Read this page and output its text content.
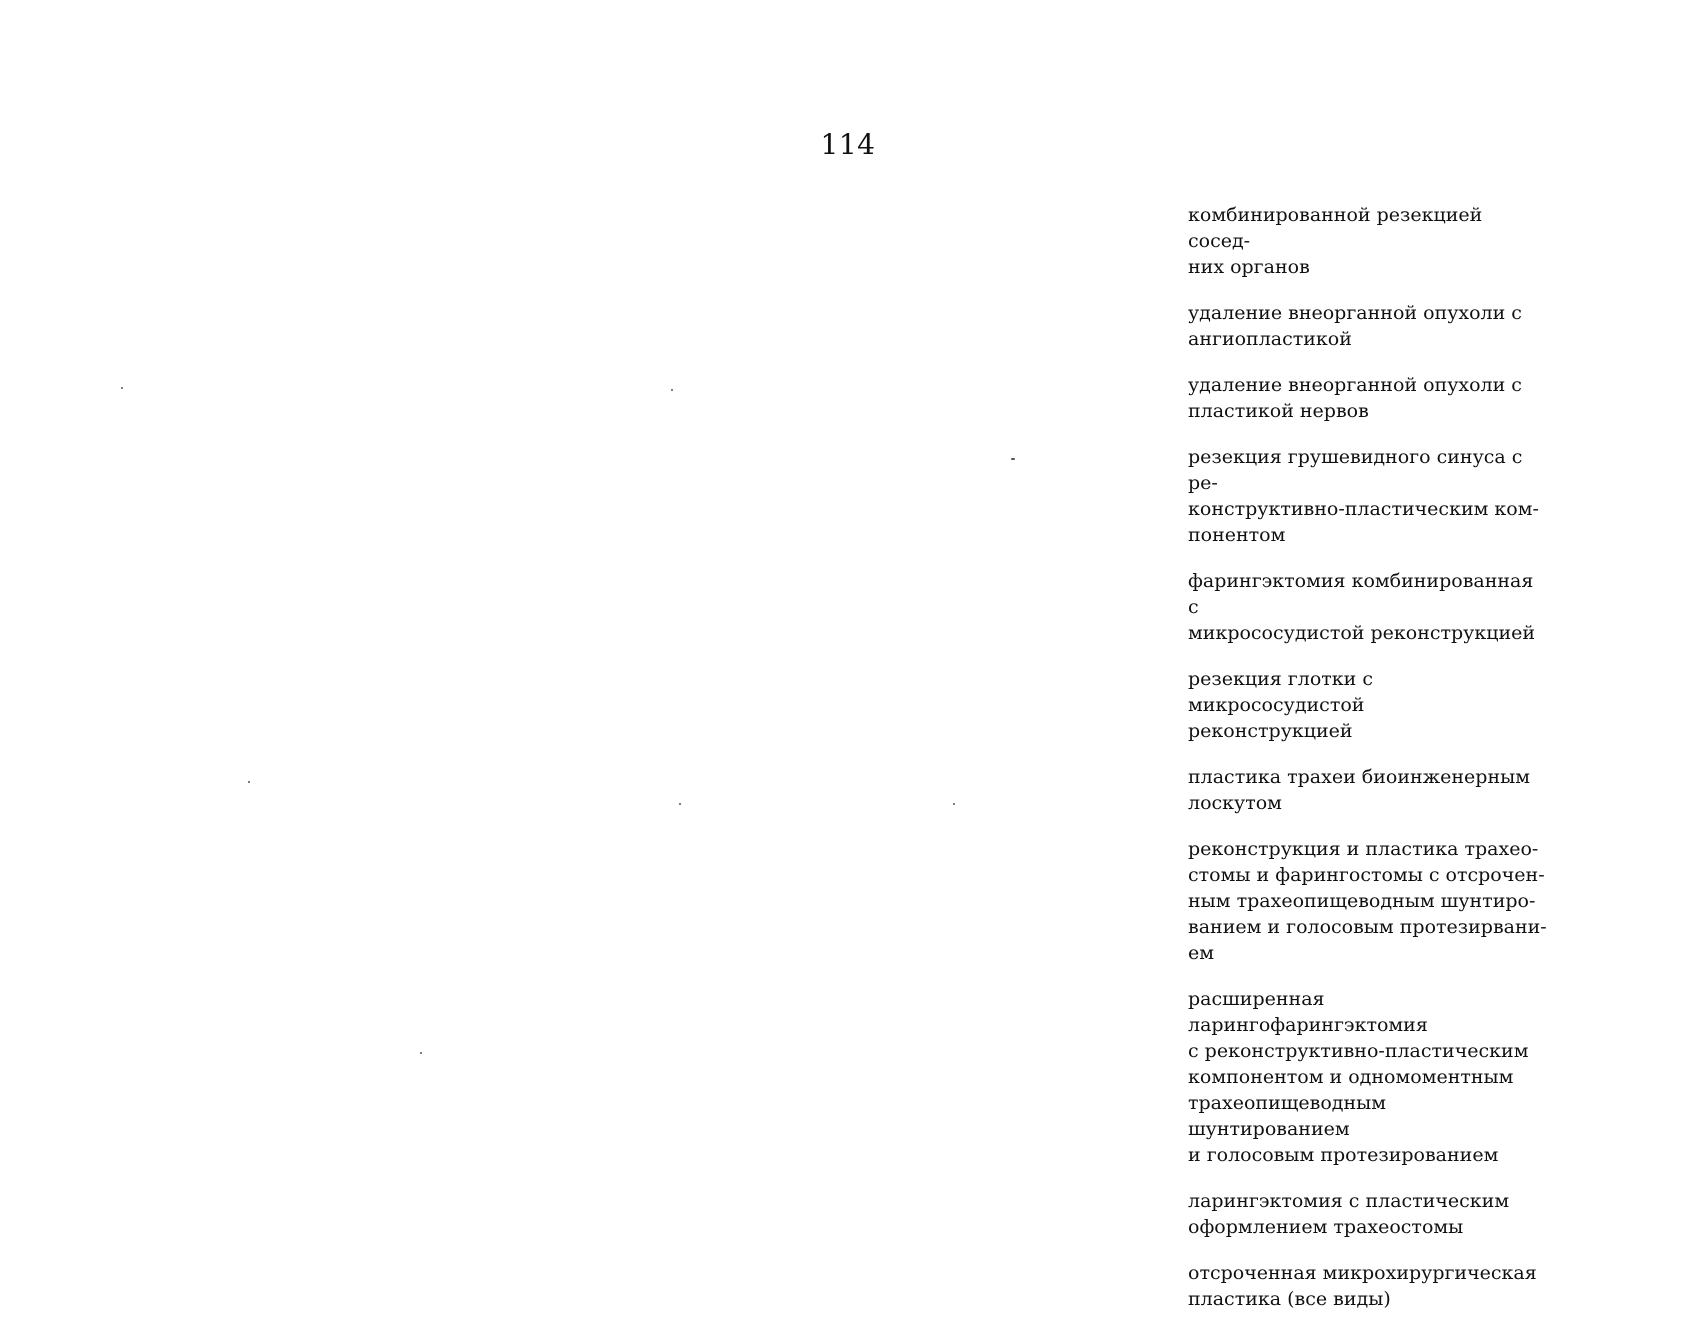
114
комбинированной резекцией сосед-
них органов
удаление внеорганной опухоли с
ангиопластикой
удаление внеорганной опухоли с
пластикой нервов
резекция грушевидного синуса с ре-
конструктивно-пластическим ком-
понентом
фарингэктомия комбинированная с
микрососудистой реконструкцией
резекция глотки с микрососудистой
реконструкцией
пластика трахеи биоинженерным
лоскутом
реконструкция и пластика трахео-
стомы и фарингостомы с отсрочен-
ным трахеопищеводным шунтиро-
ванием и голосовым протезирвани-
ем
расширенная ларингофарингэктомия
с реконструктивно-пластическим
компонентом и одномоментным
трахеопищеводным шунтированием
и голосовым протезированием
ларингэктомия с пластическим
оформлением трахеостомы
отсроченная микрохирургическая
пластика (все виды)
